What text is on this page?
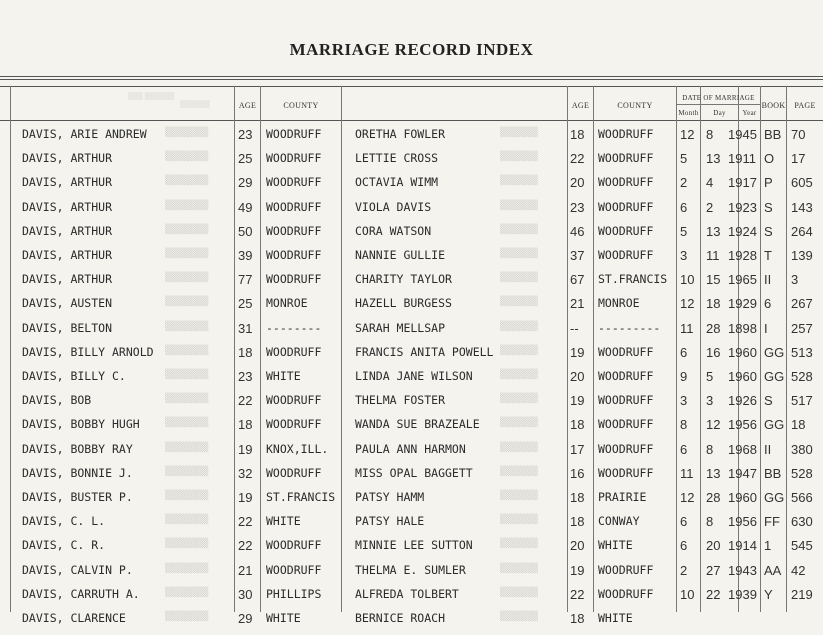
MARRIAGE RECORD INDEX
▒▒▒ ▒▒▒▒▒▒
▒▒▒▒▒▒	AGE	COUNTY	AGE	COUNTY
DATE OF MARRIAGE
Month	Day	Year
BOOK	PAGE
▒▒▒▒▒▒▒▒	▒▒▒▒▒▒▒
DAVIS, ARIE ANDREW	23 WOODRUFF	ORETHA FOWLER	18 WOODRUFF 12 8 1945 BB 70
▒▒▒▒▒▒▒▒	▒▒▒▒▒▒▒
DAVIS, ARTHUR	25 WOODRUFF	LETTIE CROSS	22 WOODRUFF 5 13 1911 O 17
▒▒▒▒▒▒▒▒	▒▒▒▒▒▒▒
DAVIS, ARTHUR	29 WOODRUFF	OCTAVIA WIMM	20 WOODRUFF 2 4 1917 P 605
▒▒▒▒▒▒▒▒	▒▒▒▒▒▒▒
DAVIS, ARTHUR	49 WOODRUFF	VIOLA DAVIS	23 WOODRUFF 6 2 1923 S 143
▒▒▒▒▒▒▒▒	▒▒▒▒▒▒▒
DAVIS, ARTHUR	50 WOODRUFF	CORA WATSON	46 WOODRUFF 5 13 1924 S 264
▒▒▒▒▒▒▒▒	▒▒▒▒▒▒▒
DAVIS, ARTHUR	39 WOODRUFF	NANNIE GULLIE	37 WOODRUFF 3 11 1928 T 139
▒▒▒▒▒▒▒▒	▒▒▒▒▒▒▒
DAVIS, ARTHUR	77 WOODRUFF	CHARITY TAYLOR	67 ST.FRANCIS 10 15 1965 II 3
▒▒▒▒▒▒▒▒	▒▒▒▒▒▒▒
DAVIS, AUSTEN	25 MONROE	HAZELL BURGESS	21 MONROE	12 18 1929 6 267
▒▒▒▒▒▒▒▒	▒▒▒▒▒▒▒
DAVIS, BELTON	31 --------	SARAH MELLSAP	-- --------- 11 28 1898 I 257
▒▒▒▒▒▒▒▒	▒▒▒▒▒▒▒
DAVIS, BILLY ARNOLD	18 WOODRUFF	FRANCIS ANITA POWELL	19 WOODRUFF 6 16 1960 GG 513
▒▒▒▒▒▒▒▒	▒▒▒▒▒▒▒
DAVIS, BILLY C.	23 WHITE	LINDA JANE WILSON	20 WOODRUFF 9 5 1960 GG 528
▒▒▒▒▒▒▒▒	▒▒▒▒▒▒▒
DAVIS, BOB	22 WOODRUFF	THELMA FOSTER	19 WOODRUFF 3 3 1926 S 517
▒▒▒▒▒▒▒▒	▒▒▒▒▒▒▒
DAVIS, BOBBY HUGH	18 WOODRUFF	WANDA SUE BRAZEALE	18 WOODRUFF 8 12 1956 GG 18
▒▒▒▒▒▒▒▒	▒▒▒▒▒▒▒
DAVIS, BOBBY RAY	19 KNOX,ILL. PAULA ANN HARMON	17 WOODRUFF 6 8 1968 II 380
▒▒▒▒▒▒▒▒	▒▒▒▒▒▒▒
DAVIS, BONNIE J.	32 WOODRUFF	MISS OPAL BAGGETT	16 WOODRUFF 11 13 1947 BB 528
▒▒▒▒▒▒▒▒	▒▒▒▒▒▒▒
DAVIS, BUSTER P.	19 ST.FRANCIS PATSY HAMM	18 PRAIRIE	12 28 1960 GG 566
▒▒▒▒▒▒▒▒	▒▒▒▒▒▒▒
DAVIS, C. L.	22 WHITE	PATSY HALE	18 CONWAY	6 8 1956 FF 630
▒▒▒▒▒▒▒▒	▒▒▒▒▒▒▒
DAVIS, C. R.	22 WOODRUFF	MINNIE LEE SUTTON	20 WHITE	6 20 1914 1 545
▒▒▒▒▒▒▒▒	▒▒▒▒▒▒▒
DAVIS, CALVIN P.	21 WOODRUFF	THELMA E. SUMLER	19 WOODRUFF 2 27 1943 AA 42
▒▒▒▒▒▒▒▒	▒▒▒▒▒▒▒
DAVIS, CARRUTH A.	30 PHILLIPS	ALFREDA TOLBERT	22 WOODRUFF 10 22 1939 Y 219
▒▒▒▒▒▒▒▒	▒▒▒▒▒▒▒
DAVIS, CLARENCE	29 WHITE	BERNICE ROACH	18 WHITE
